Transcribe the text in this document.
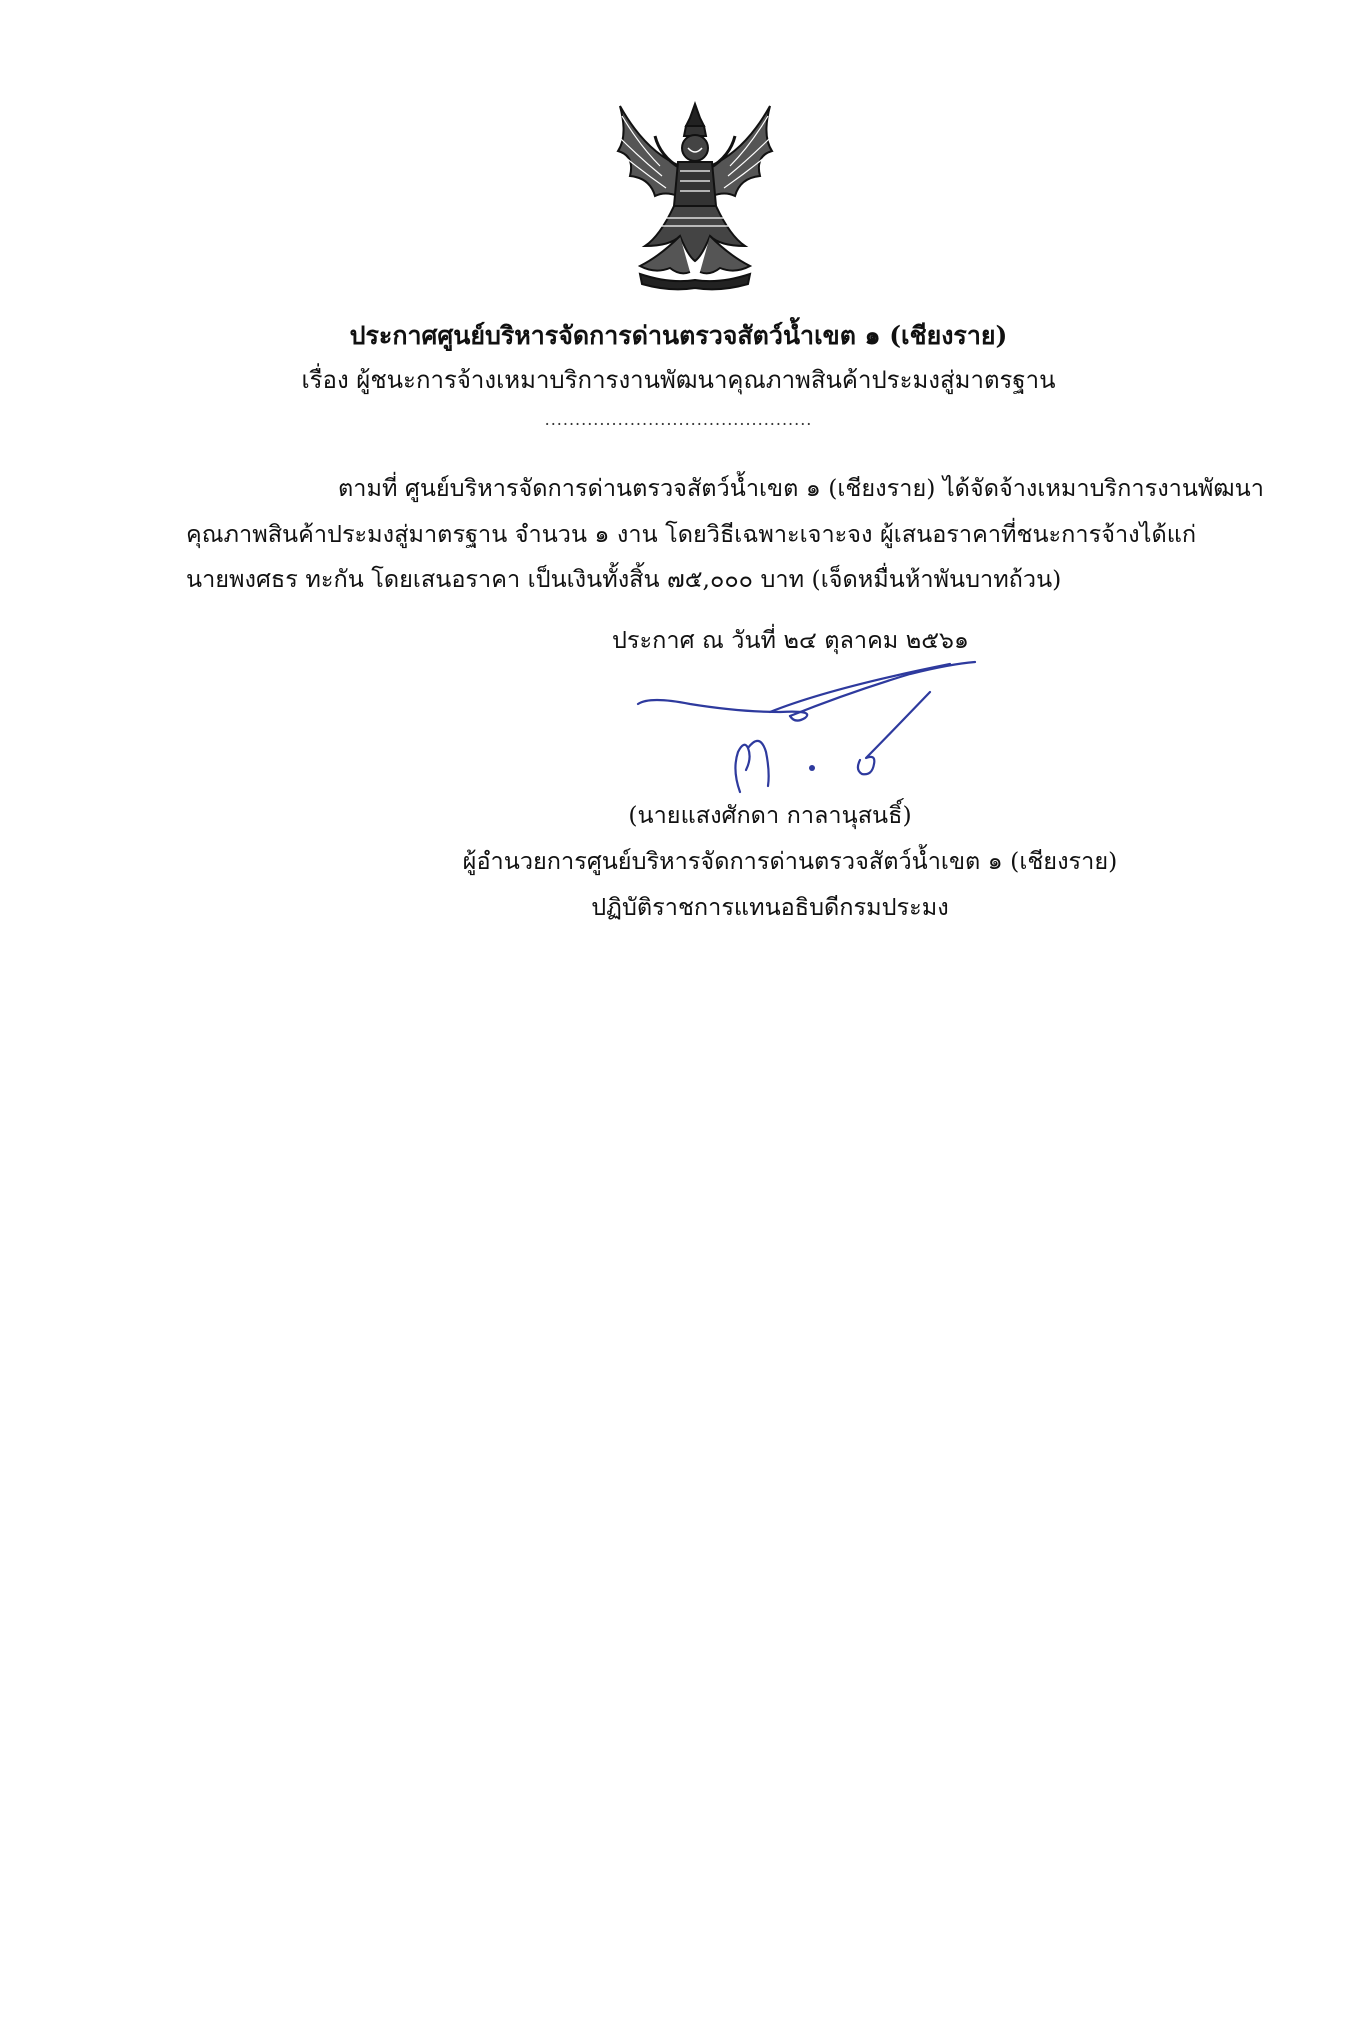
ประกาศศูนย์บริหารจัดการด่านตรวจสัตว์น้ำเขต ๑ (เชียงราย)
เรื่อง ผู้ชนะการจ้างเหมาบริการงานพัฒนาคุณภาพสินค้าประมงสู่มาตรฐาน
............................................
ตามที่ ศูนย์บริหารจัดการด่านตรวจสัตว์น้ำเขต ๑ (เชียงราย) ได้จัดจ้างเหมาบริการงานพัฒนา
คุณภาพสินค้าประมงสู่มาตรฐาน จำนวน ๑ งาน โดยวิธีเฉพาะเจาะจง ผู้เสนอราคาที่ชนะการจ้างได้แก่
นายพงศธร ทะกัน โดยเสนอราคา เป็นเงินทั้งสิ้น ๗๕,๐๐๐ บาท (เจ็ดหมื่นห้าพันบาทถ้วน)
ประกาศ ณ วันที่ ๒๔ ตุลาคม ๒๕๖๑
(นายแสงศักดา กาลานุสนธิ์)
ผู้อำนวยการศูนย์บริหารจัดการด่านตรวจสัตว์น้ำเขต ๑ (เชียงราย)
ปฏิบัติราชการแทนอธิบดีกรมประมง
